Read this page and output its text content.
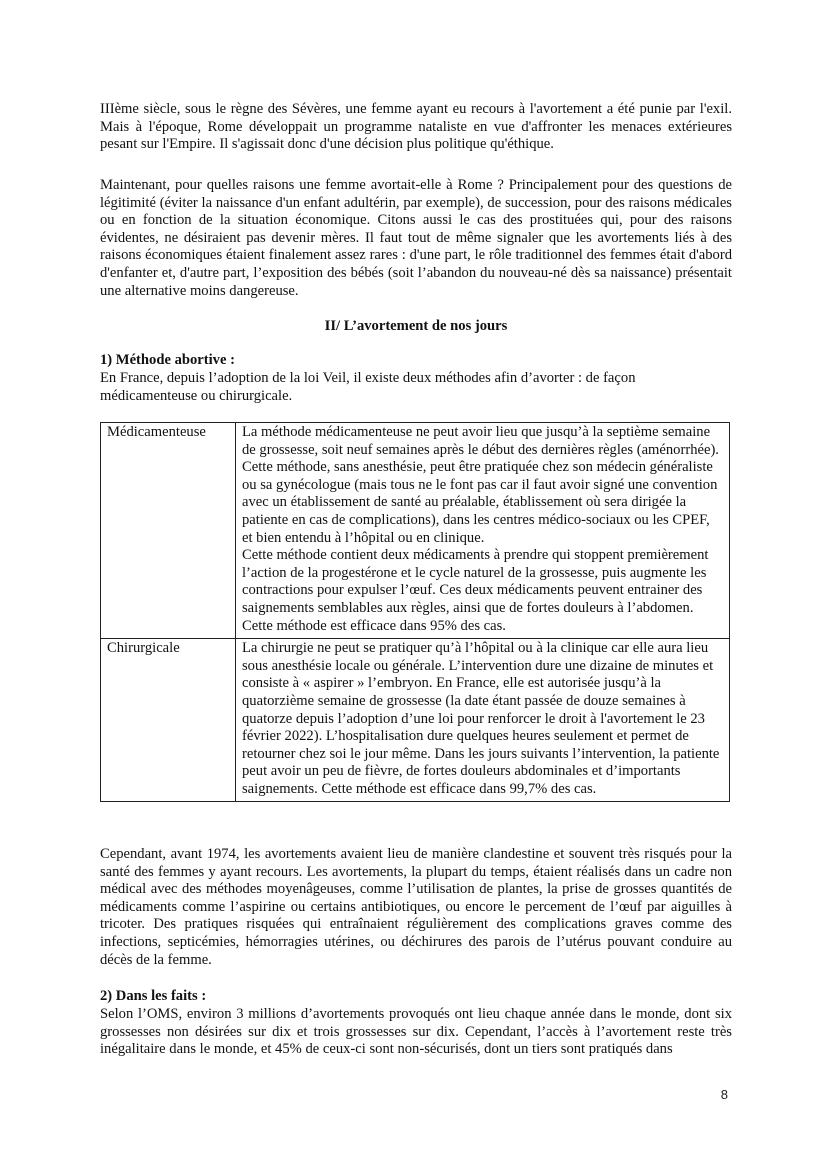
IIIème siècle, sous le règne des Sévères, une femme ayant eu recours à l'avortement a été punie par l'exil. Mais à l'époque, Rome développait un programme nataliste en vue d'affronter les menaces extérieures pesant sur l'Empire. Il s'agissait donc d'une décision plus politique qu'éthique.

Maintenant, pour quelles raisons une femme avortait-elle à Rome ? Principalement pour des questions de légitimité (éviter la naissance d'un enfant adultérin, par exemple), de succession, pour des raisons médicales ou en fonction de la situation économique. Citons aussi le cas des prostituées qui, pour des raisons évidentes, ne désiraient pas devenir mères. Il faut tout de même signaler que les avortements liés à des raisons économiques étaient finalement assez rares : d'une part, le rôle traditionnel des femmes était d'abord d'enfanter et, d'autre part, l’exposition des bébés (soit l’abandon du nouveau-né dès sa naissance) présentait une alternative moins dangereuse.

II/ L’avortement de nos jours

1) Méthode abortive :

En France, depuis l’adoption de la loi Veil, il existe deux méthodes afin d’avorter : de façon médicamenteuse ou chirurgicale.

Médicamenteuse	La méthode médicamenteuse ne peut avoir lieu que jusqu’à la septième semaine de grossesse, soit neuf semaines après le début des dernières règles (aménorrhée). Cette méthode, sans anesthésie, peut être pratiquée chez son médecin généraliste ou sa gynécologue (mais tous ne le font pas car il faut avoir signé une convention avec un établissement de santé au préalable, établissement où sera dirigée la patiente en cas de complications), dans les centres médico-sociaux ou les CPEF, et bien entendu à l’hôpital ou en clinique.

Cette méthode contient deux médicaments à prendre qui stoppent premièrement l’action de la progestérone et le cycle naturel de la grossesse, puis augmente les contractions pour expulser l’œuf. Ces deux médicaments peuvent entrainer des saignements semblables aux règles, ainsi que de fortes douleurs à l’abdomen. Cette méthode est efficace dans 95% des cas.

Chirurgicale	La chirurgie ne peut se pratiquer qu’à l’hôpital ou à la clinique car elle aura lieu sous anesthésie locale ou générale. L’intervention dure une dizaine de minutes et consiste à « aspirer » l’embryon. En France, elle est autorisée jusqu’à la quatorzième semaine de grossesse (la date étant passée de douze semaines à quatorze depuis l’adoption d’une loi pour renforcer le droit à l'avortement le 23 février 2022). L’hospitalisation dure quelques heures seulement et permet de retourner chez soi le jour même. Dans les jours suivants l’intervention, la patiente peut avoir un peu de fièvre, de fortes douleurs abdominales et d’importants saignements. Cette méthode est efficace dans 99,7% des cas.

Cependant, avant 1974, les avortements avaient lieu de manière clandestine et souvent très risqués pour la santé des femmes y ayant recours. Les avortements, la plupart du temps, étaient réalisés dans un cadre non médical avec des méthodes moyenâgeuses, comme l’utilisation de plantes, la prise de grosses quantités de médicaments comme l’aspirine ou certains antibiotiques, ou encore le percement de l’œuf par aiguilles à tricoter. Des pratiques risquées qui entraînaient régulièrement des complications graves comme des infections, septicémies, hémorragies utérines, ou déchirures des parois de l’utérus pouvant conduire au décès de la femme.

2) Dans les faits :

Selon l’OMS, environ 3 millions d’avortements provoqués ont lieu chaque année dans le monde, dont six grossesses non désirées sur dix et trois grossesses sur dix. Cependant, l’accès à l’avortement reste très inégalitaire dans le monde, et 45% de ceux-ci sont non-sécurisés, dont un tiers sont pratiqués dans

8
